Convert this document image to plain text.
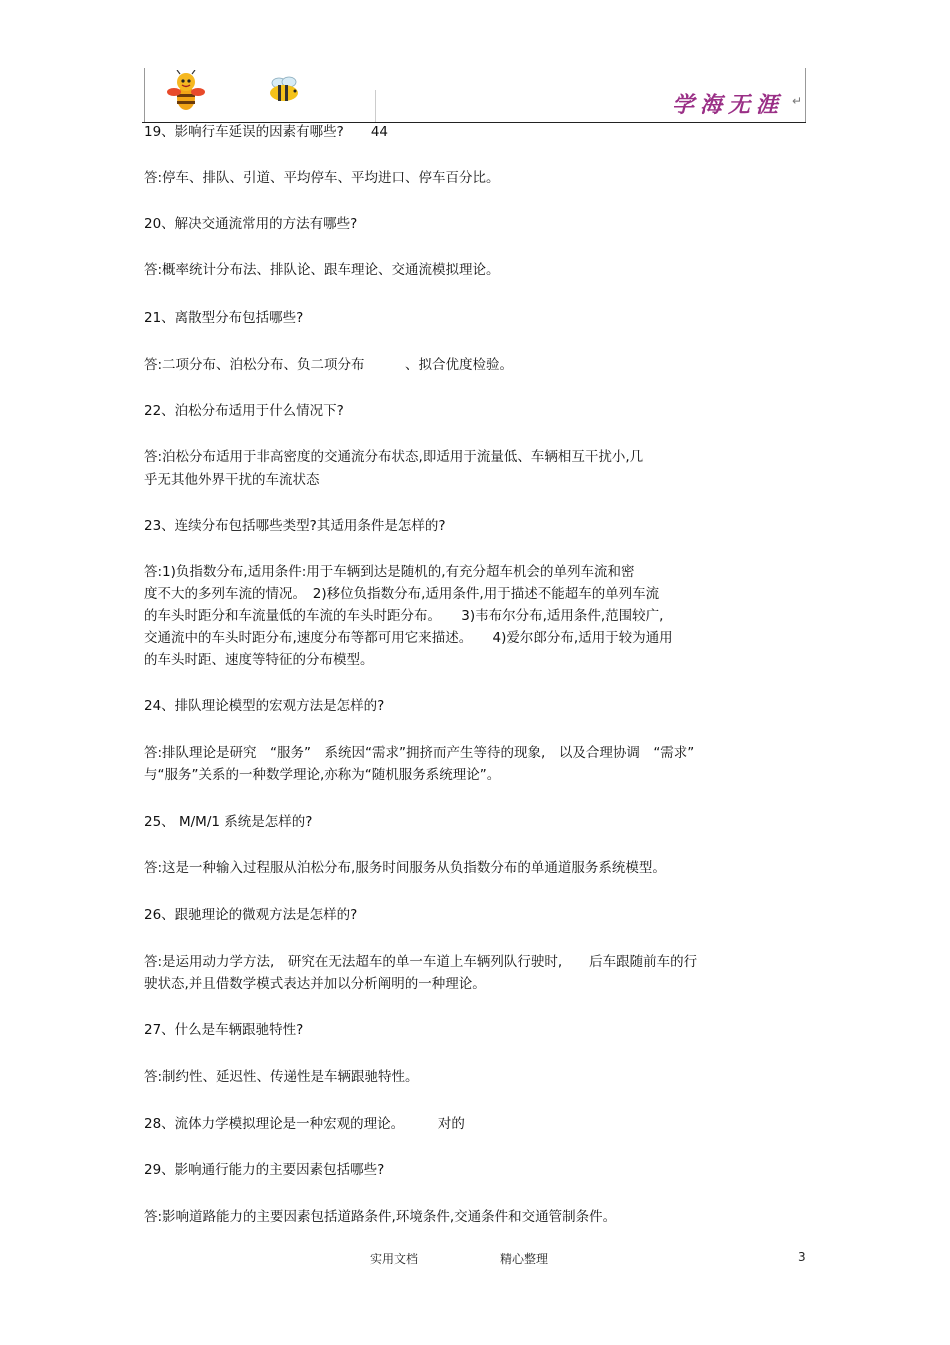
学海无涯 ↵
19、影响行车延误的因素有哪些?　　44
答:停车、排队、引道、平均停车、平均进口、停车百分比。
20、解决交通流常用的方法有哪些?
答:概率统计分布法、排队论、跟车理论、交通流模拟理论。
21、离散型分布包括哪些?
答:二项分布、泊松分布、负二项分布　　　、拟合优度检验。
22、泊松分布适用于什么情况下?
答:泊松分布适用于非高密度的交通流分布状态,即适用于流量低、车辆相互干扰小,几
乎无其他外界干扰的车流状态
23、连续分布包括哪些类型?其适用条件是怎样的?
答:1)负指数分布,适用条件:用于车辆到达是随机的,有充分超车机会的单列车流和密
度不大的多列车流的情况。　2)移位负指数分布,适用条件,用于描述不能超车的单列车流
的车头时距分和车流量低的车流的车头时距分布。　　3)韦布尔分布,适用条件,范围较广,
交通流中的车头时距分布,速度分布等都可用它来描述。　　4)爱尔郎分布,适用于较为通用
的车头时距、速度等特征的分布模型。
24、排队理论模型的宏观方法是怎样的?
答:排队理论是研究　“服务”　系统因“需求”拥挤而产生等待的现象,　以及合理协调　“需求”
与“服务”关系的一种数学理论,亦称为“随机服务系统理论”。
25、 M/M/1 系统是怎样的?
答:这是一种输入过程服从泊松分布,服务时间服务从负指数分布的单通道服务系统模型。
26、跟驰理论的微观方法是怎样的?
答:是运用动力学方法,　研究在无法超车的单一车道上车辆列队行驶时,　　后车跟随前车的行
驶状态,并且借数学模式表达并加以分析阐明的一种理论。
27、什么是车辆跟驰特性?
答:制约性、延迟性、传递性是车辆跟驰特性。
28、流体力学模拟理论是一种宏观的理论。　　　对的
29、影响通行能力的主要因素包括哪些?
答:影响道路能力的主要因素包括道路条件,环境条件,交通条件和交通管制条件。
实用文档	精心整理	3
